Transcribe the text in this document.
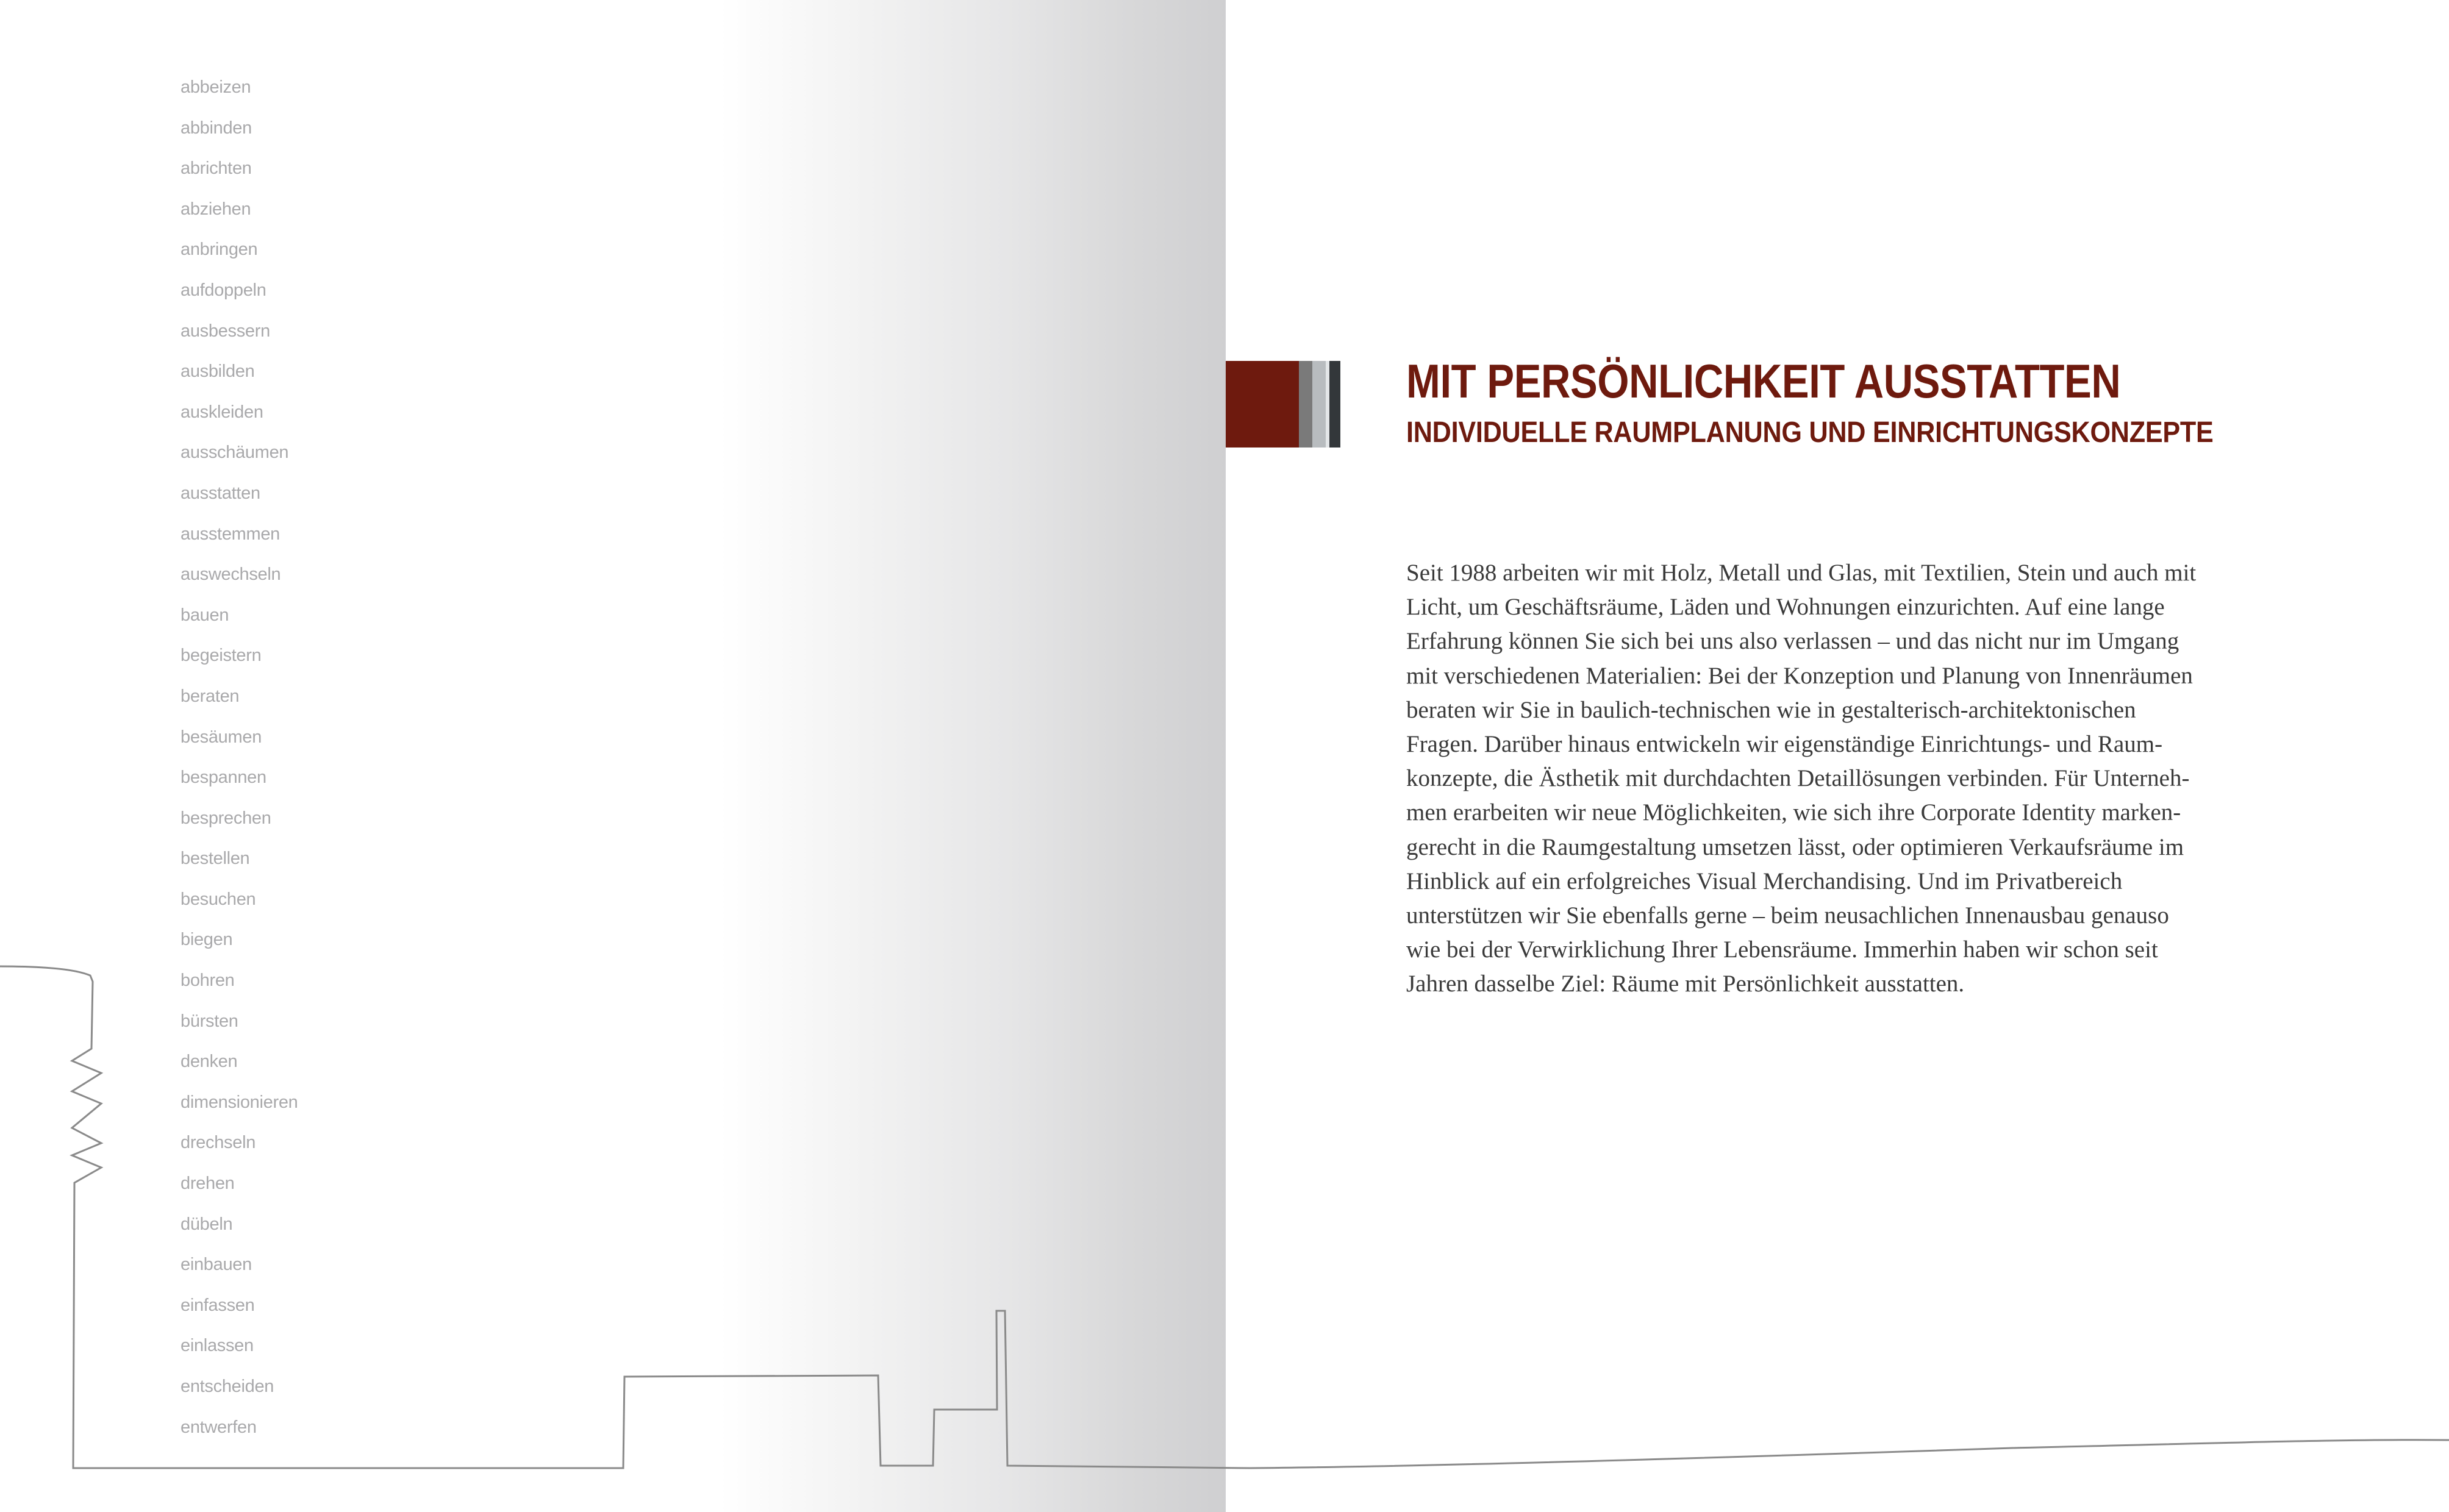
abbeizen
abbinden
abrichten
abziehen
anbringen
aufdoppeln
ausbessern
ausbilden
auskleiden
ausschäumen
ausstatten
ausstemmen
auswechseln
bauen
begeistern
beraten
besäumen
bespannen
besprechen
bestellen
besuchen
biegen
bohren
bürsten
denken
dimensionieren
drechseln
drehen
dübeln
einbauen
einfassen
einlassen
entscheiden
entwerfen
MIT PERSÖNLICHKEIT AUSSTATTEN
INDIVIDUELLE RAUMPLANUNG UND EINRICHTUNGSKONZEPTE

Seit 1988 arbeiten wir mit Holz, Metall und Glas, mit Textilien, Stein und auch mit
Licht, um Geschäftsräume, Läden und Wohnungen einzurichten. Auf eine lange
Erfahrung können Sie sich bei uns also verlassen – und das nicht nur im Umgang
mit verschiedenen Materialien: Bei der Konzeption und Planung von Innenräumen
beraten wir Sie in baulich-technischen wie in gestalterisch-architektonischen
Fragen. Darüber hinaus entwickeln wir eigenständige Einrichtungs- und Raum-
konzepte, die Ästhetik mit durchdachten Detaillösungen verbinden. Für Unterneh-
men erarbeiten wir neue Möglichkeiten, wie sich ihre Corporate Identity marken-
gerecht in die Raumgestaltung umsetzen lässt, oder optimieren Verkaufsräume im
Hinblick auf ein erfolgreiches Visual Merchandising. Und im Privatbereich
unterstützen wir Sie ebenfalls gerne – beim neusachlichen Innenausbau genauso
wie bei der Verwirklichung Ihrer Lebensräume. Immerhin haben wir schon seit
Jahren dasselbe Ziel: Räume mit Persönlichkeit ausstatten.
